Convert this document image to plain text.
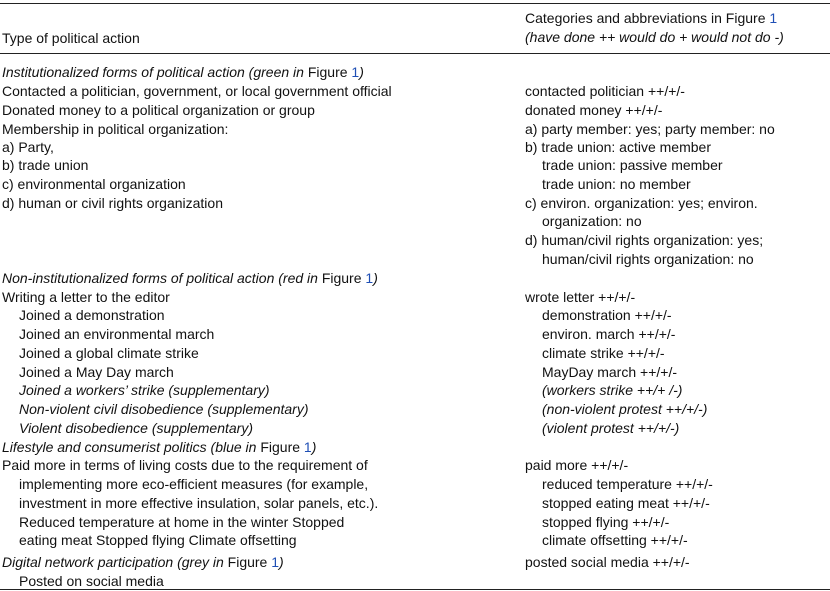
Type of political action
Categories and abbreviations in Figure 1
(have done ++ would do + would not do -)
Institutionalized forms of political action (green in Figure 1)
Contacted a politician, government, or local government official
Donated money to a political organization or group
Membership in political organization:
a) Party,
b) trade union
c) environmental organization
d) human or civil rights organization
contacted politician ++/+/-
donated money ++/+/-
a) party member: yes; party member: no
b) trade union: active member
trade union: passive member
trade union: no member
c) environ. organization: yes; environ.
organization: no
d) human/civil rights organization: yes;
human/civil rights organization: no
Non-institutionalized forms of political action (red in Figure 1)
Writing a letter to the editor
Joined a demonstration
Joined an environmental march
Joined a global climate strike
Joined a May Day march
Joined a workers’ strike (supplementary)
Non-violent civil disobedience (supplementary)
Violent disobedience (supplementary)
wrote letter ++/+/-
demonstration ++/+/-
environ. march ++/+/-
climate strike ++/+/-
MayDay march ++/+/-
(workers strike ++/+ /-)
(non-violent protest ++/+/-)
(violent protest ++/+/-)
Lifestyle and consumerist politics (blue in Figure 1)
Paid more in terms of living costs due to the requirement of
implementing more eco-efficient measures (for example,
investment in more effective insulation, solar panels, etc.).
Reduced temperature at home in the winter Stopped
eating meat Stopped flying Climate offsetting
paid more ++/+/-
reduced temperature ++/+/-
stopped eating meat ++/+/-
stopped flying ++/+/-
climate offsetting ++/+/-
Digital network participation (grey in Figure 1)
Posted on social media
posted social media ++/+/-
